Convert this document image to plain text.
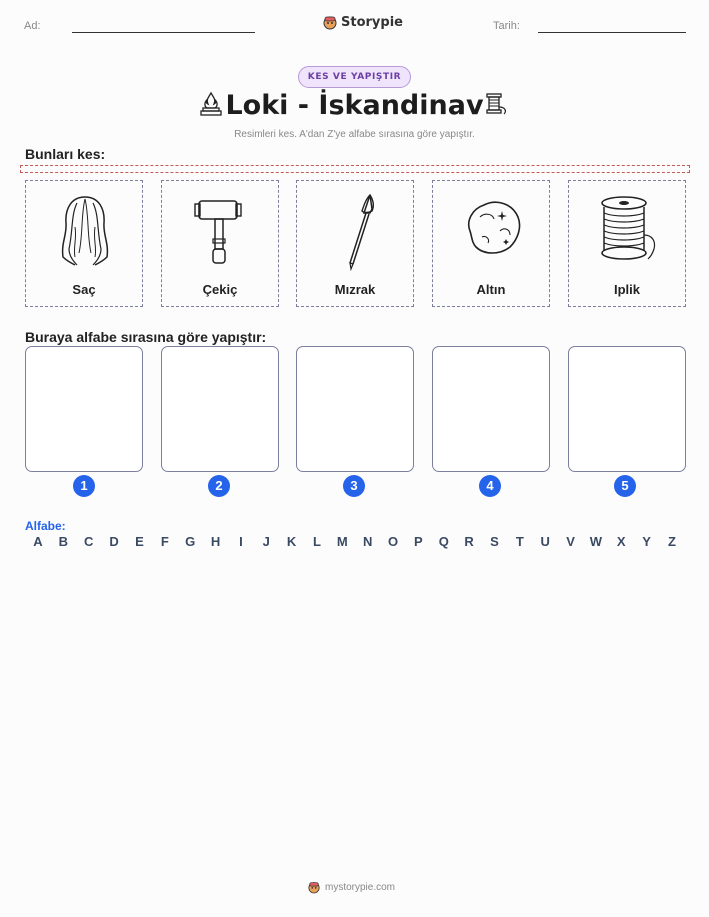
Ad:	Storypie	Tarih:
KES VE YAPIŞTIR
Loki - İskandinav
Resimleri kes. A'dan Z'ye alfabe sırasına göre yapıştır.
Bunları kes:
Saç	Çekiç	Mızrak	Altın	Iplik
Buraya alfabe sırasına göre yapıştır:
1	2	3	4	5
Alfabe:
A B C D E F G H	I	J K L M N O P Q R S T U V W X Y Z
mystorypie.com
